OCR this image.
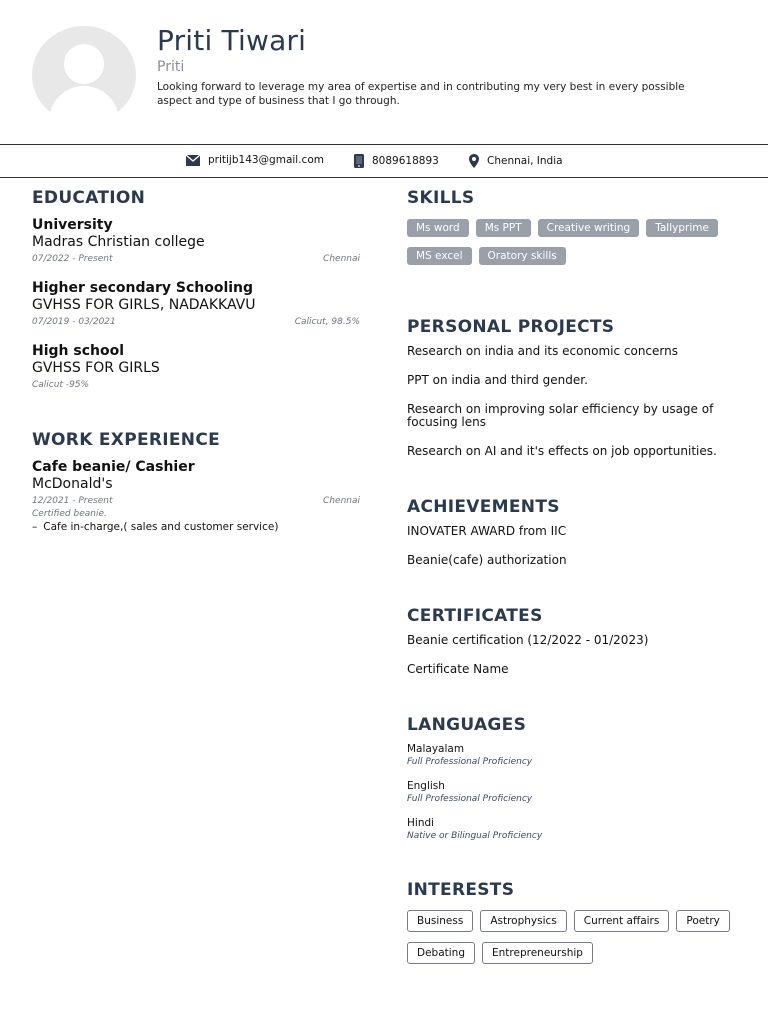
Priti Tiwari
Priti
Looking forward to leverage my area of expertise and in contributing my very best in every possible aspect and type of business that I go through.
pritijb143@gmail.com	8089618893	Chennai, India
EDUCATION
University
Madras Christian college
07/2022 - Present	Chennai
Higher secondary Schooling
GVHSS FOR GIRLS, NADAKKAVU
07/2019 - 03/2021	Calicut, 98.5%
High school
GVHSS FOR GIRLS
Calicut -95%
WORK EXPERIENCE
Cafe beanie/ Cashier
McDonald's
12/2021 - Present	Chennai
Certified beanie.
– Cafe in-charge,( sales and customer service)
SKILLS
Ms word	Ms PPT	Creative writing	Tallyprime
MS excel	Oratory skills
PERSONAL PROJECTS
Research on india and its economic concerns
PPT on india and third gender.
Research on improving solar efficiency by usage of focusing lens
Research on AI and it's effects on job opportunities.
ACHIEVEMENTS
INOVATER AWARD from IIC
Beanie(cafe) authorization
CERTIFICATES
Beanie certification (12/2022 - 01/2023)
Certificate Name
LANGUAGES
Malayalam
Full Professional Proficiency
English
Full Professional Proficiency
Hindi
Native or Bilingual Proficiency
INTERESTS
Business	Astrophysics	Current affairs	Poetry
Debating	Entrepreneurship
